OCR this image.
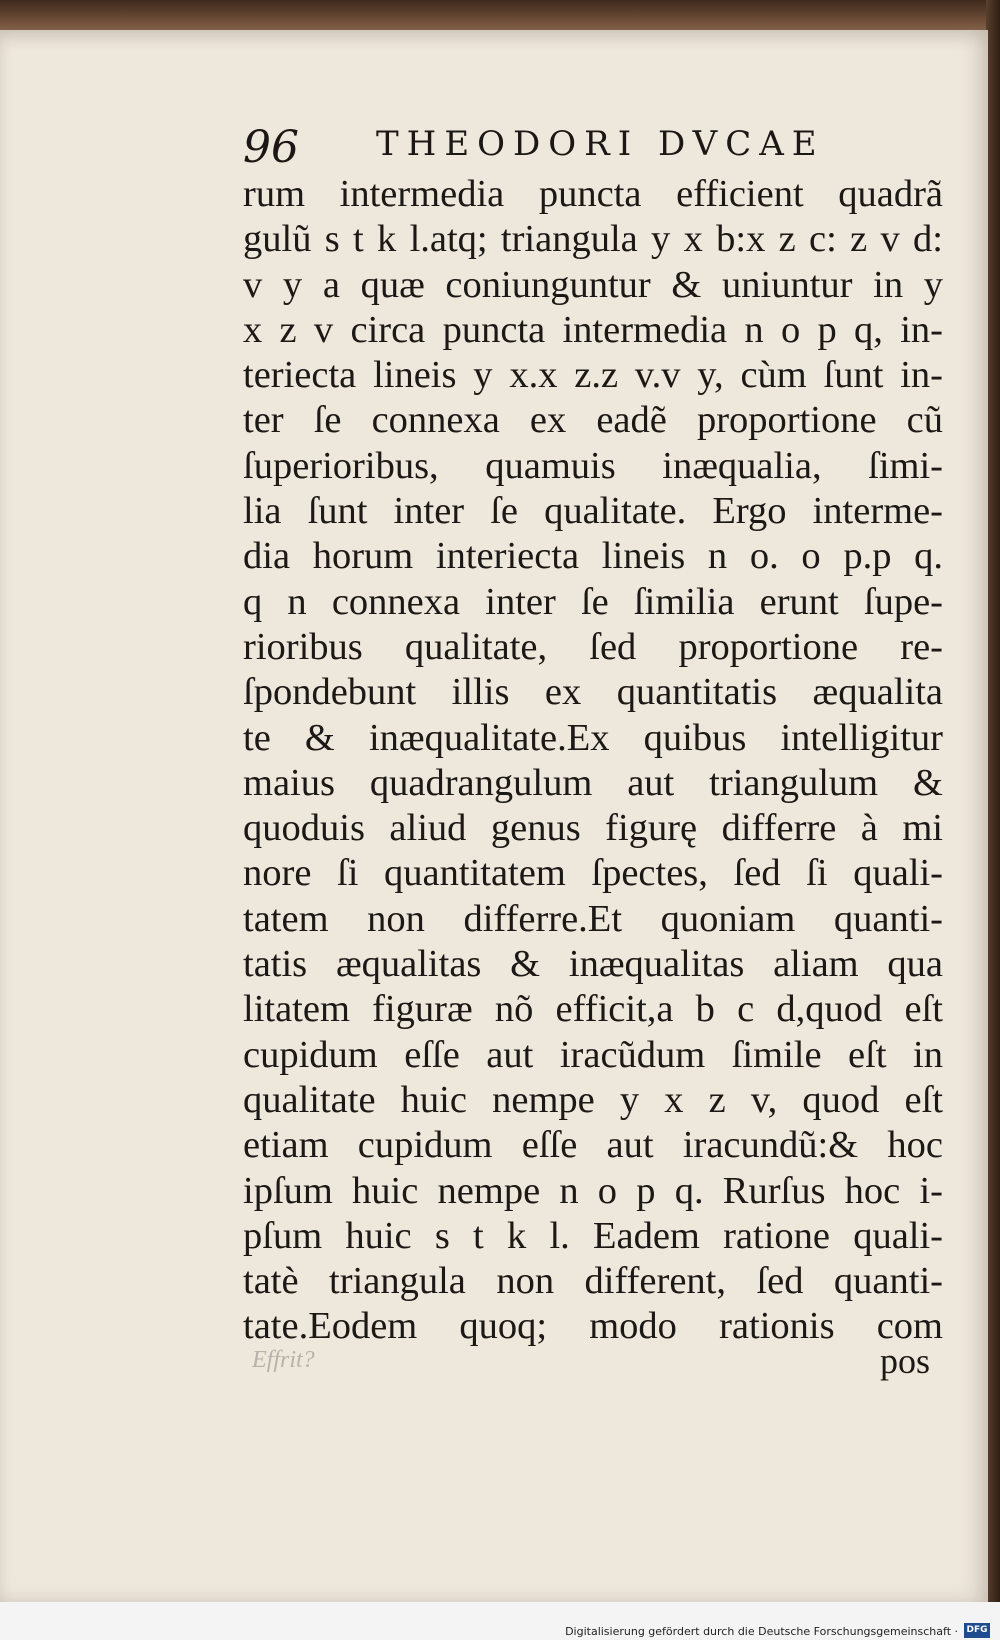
96 THEODORI DVCAE
rum intermedia puncta efficient quadrã
gulũ s t k l.atq; triangula y x b:x z c: z v d:
v y a quæ coniunguntur & uniuntur in y
x z v circa puncta intermedia n o p q, in-
teriecta lineis y x.x z.z v.v y, cùm ſunt in-
ter ſe connexa ex eadẽ proportione cũ
ſuperioribus, quamuis inæqualia, ſimi-
lia ſunt inter ſe qualitate. Ergo interme-
dia horum interiecta lineis n o. o p.p q.
q n connexa inter ſe ſimilia erunt ſupe-
rioribus qualitate, ſed proportione re-
ſpondebunt illis ex quantitatis æqualita
te & inæqualitate.Ex quibus intelligitur
maius quadrangulum aut triangulum &
quoduis aliud genus figurę differre à mi
nore ſi quantitatem ſpectes, ſed ſi quali-
tatem non differre.Et quoniam quanti-
tatis æqualitas & inæqualitas aliam qua
litatem figuræ nõ efficit,a b c d,quod eſt
cupidum eſſe aut iracũdum ſimile eſt in
qualitate huic nempe y x z v, quod eſt
etiam cupidum eſſe aut iracundũ:& hoc
ipſum huic nempe n o p q. Rurſus hoc i-
pſum huic s t k l. Eadem ratione quali-
tatè triangula non different, ſed quanti-
tate.Eodem quoq; modo rationis com
Effrit?	pos
Digitalisierung gefördert durch die Deutsche Forschungsgemeinschaft · DFG
